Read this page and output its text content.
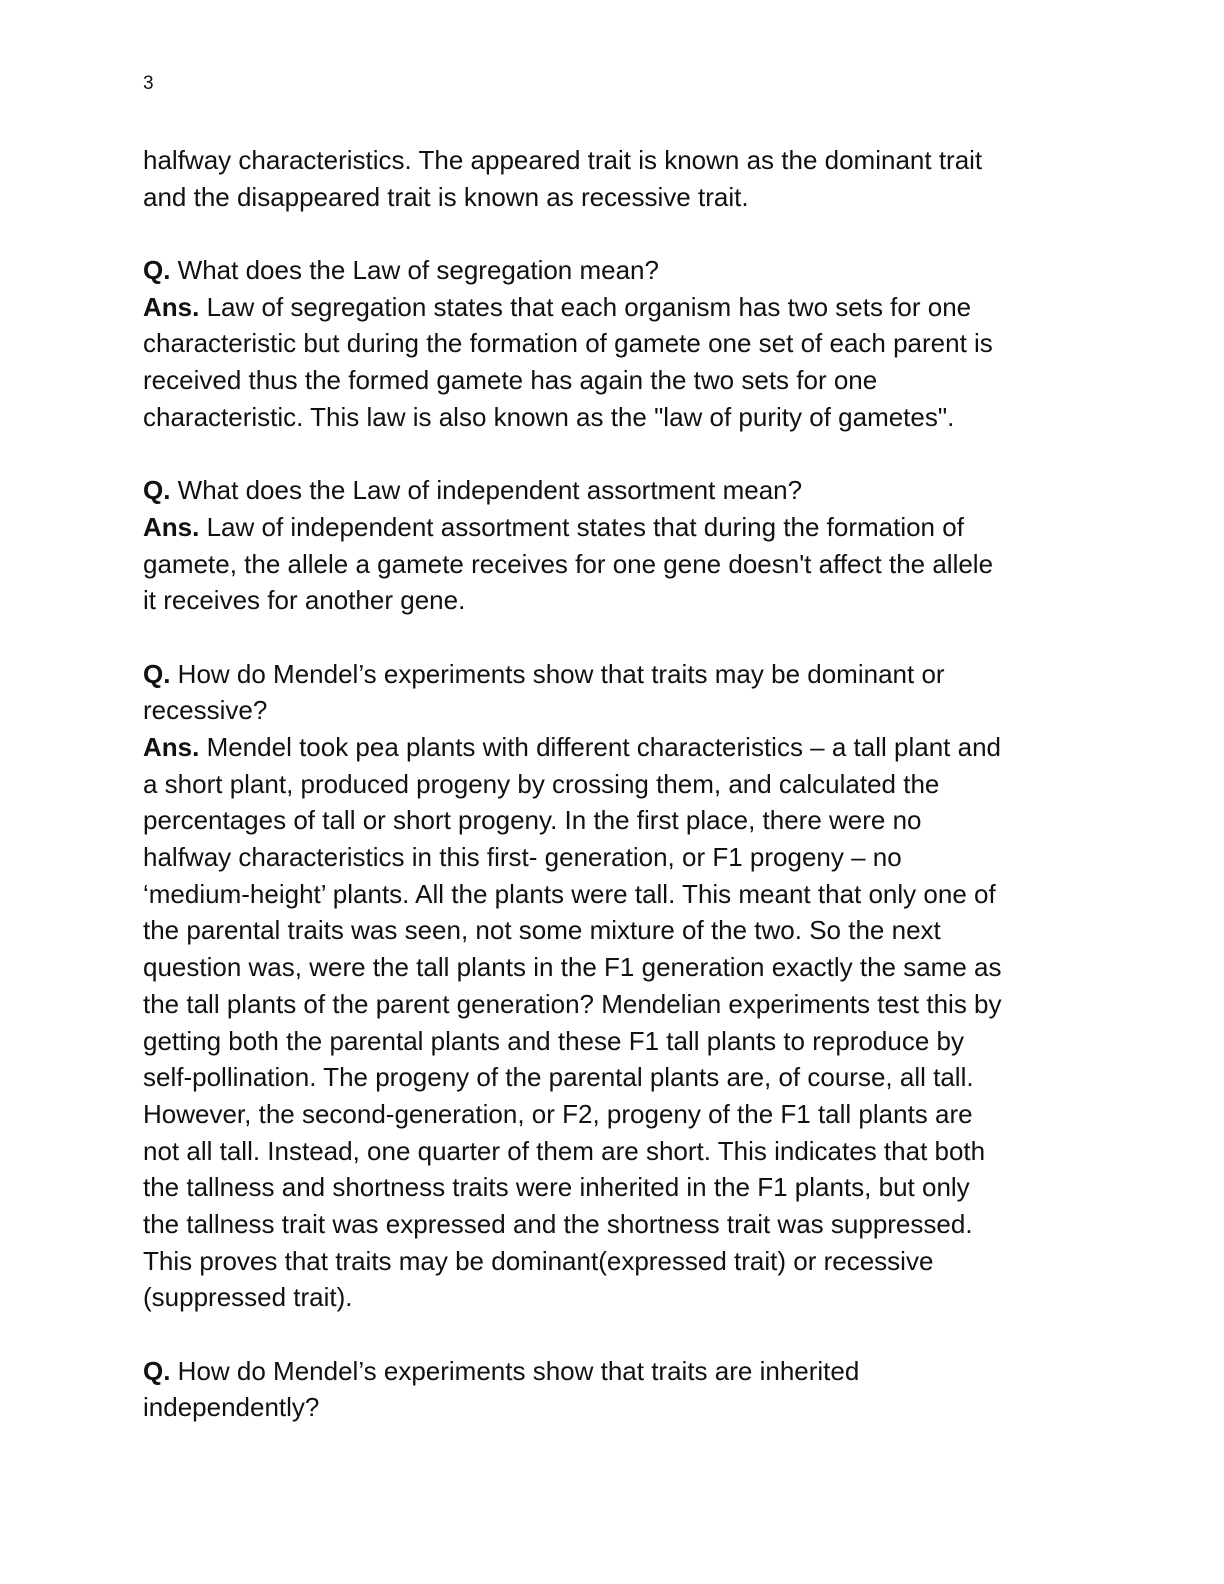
3
halfway characteristics. The appeared trait is known as the dominant trait
and the disappeared trait is known as recessive trait.
Q. What does the Law of segregation mean?
Ans. Law of segregation states that each organism has two sets for one
characteristic but during the formation of gamete one set of each parent is
received thus the formed gamete has again the two sets for one
characteristic. This law is also known as the "law of purity of gametes".
Q. What does the Law of independent assortment mean?
Ans. Law of independent assortment states that during the formation of
gamete, the allele a gamete receives for one gene doesn't affect the allele
it receives for another gene.
Q. How do Mendel’s experiments show that traits may be dominant or
recessive?
Ans. Mendel took pea plants with different characteristics – a tall plant and
a short plant, produced progeny by crossing them, and calculated the
percentages of tall or short progeny. In the first place, there were no
halfway characteristics in this first- generation, or F1 progeny – no
‘medium-height’ plants. All the plants were tall. This meant that only one of
the parental traits was seen, not some mixture of the two. So the next
question was, were the tall plants in the F1 generation exactly the same as
the tall plants of the parent generation? Mendelian experiments test this by
getting both the parental plants and these F1 tall plants to reproduce by
self-pollination. The progeny of the parental plants are, of course, all tall.
However, the second-generation, or F2, progeny of the F1 tall plants are
not all tall. Instead, one quarter of them are short. This indicates that both
the tallness and shortness traits were inherited in the F1 plants, but only
the tallness trait was expressed and the shortness trait was suppressed.
This proves that traits may be dominant(expressed trait) or recessive
(suppressed trait).
Q. How do Mendel’s experiments show that traits are inherited
independently?
